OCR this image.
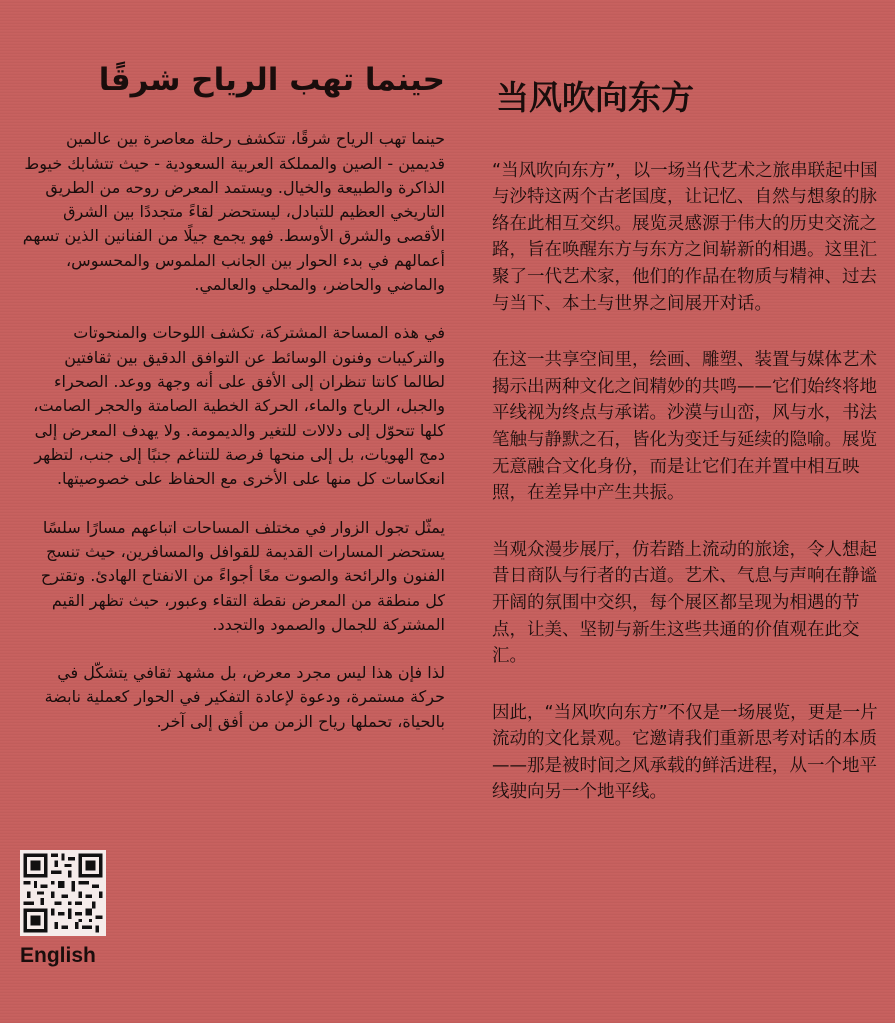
حينما تهب الرياح شرقًا

حينما تهب الرياح شرقًا، تتكشف رحلة معاصرة بين عالمين قديمين - الصين والمملكة العربية السعودية - حيث تتشابك خيوط الذاكرة والطبيعة والخيال. ويستمد المعرض روحه من الطريق التاريخي العظيم للتبادل، ليستحضر لقاءً متجددًا بين الشرق الأقصى والشرق الأوسط. فهو يجمع جيلًا من الفنانين الذين تسهم أعمالهم في بدء الحوار بين الجانب الملموس والمحسوس، والماضي والحاضر، والمحلي والعالمي.

في هذه المساحة المشتركة، تكشف اللوحات والمنحوتات والتركيبات وفنون الوسائط عن التوافق الدقيق بين ثقافتين لطالما كانتا تنظران إلى الأفق على أنه وجهة ووعد. الصحراء والجبل، الرياح والماء، الحركة الخطية الصامتة والحجر الصامت، كلها تتحوّل إلى دلالات للتغير والديمومة. ولا يهدف المعرض إلى دمج الهويات، بل إلى منحها فرصة للتناغم جنبًا إلى جنب، لتظهر انعكاسات كل منها على الأخرى مع الحفاظ على خصوصيتها.

يمثّل تجول الزوار في مختلف المساحات اتباعهم مسارًا سلسًا يستحضر المسارات القديمة للقوافل والمسافرين، حيث تنسج الفنون والرائحة والصوت معًا أجواءً من الانفتاح الهادئ. وتقترح كل منطقة من المعرض نقطة التقاء وعبور، حيث تظهر القيم المشتركة للجمال والصمود والتجدد.

لذا فإن هذا ليس مجرد معرض، بل مشهد ثقافي يتشكّل في حركة مستمرة، ودعوة لإعادة التفكير في الحوار كعملية نابضة بالحياة، تحملها رياح الزمن من أفق إلى آخر.

当风吹向东方

“当风吹向东方”，以一场当代艺术之旅串联起中国与沙特这两个古老国度，让记忆、自然与想象的脉络在此相互交织。展览灵感源于伟大的历史交流之路，旨在唤醒东方与东方之间崭新的相遇。这里汇聚了一代艺术家，他们的作品在物质与精神、过去与当下、本土与世界之间展开对话。

在这一共享空间里，绘画、雕塑、装置与媒体艺术揭示出两种文化之间精妙的共鸣——它们始终将地平线视为终点与承诺。沙漠与山峦，风与水，书法笔触与静默之石，皆化为变迁与延续的隐喻。展览无意融合文化身份，而是让它们在并置中相互映照，在差异中产生共振。

当观众漫步展厅，仿若踏上流动的旅途，令人想起昔日商队与行者的古道。艺术、气息与声响在静谧开阔的氛围中交织，每个展区都呈现为相遇的节点，让美、坚韧与新生这些共通的价值观在此交汇。

因此，“当风吹向东方”不仅是一场展览，更是一片流动的文化景观。它邀请我们重新思考对话的本质——那是被时间之风承载的鲜活进程，从一个地平线驶向另一个地平线。

English
